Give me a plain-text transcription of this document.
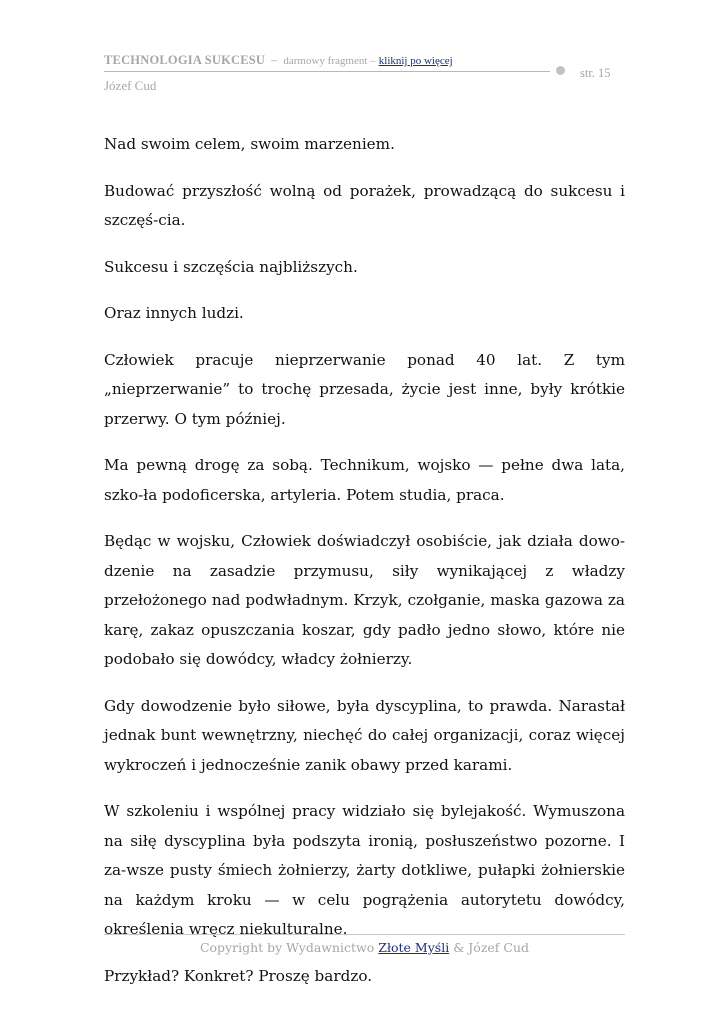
TECHNOLOGIA SUKCESU – darmowy fragment – kliknij po więcej
str. 15
Józef Cud

Nad swoim celem, swoim marzeniem.

Budować przyszłość wolną od porażek, prowadzącą do sukcesu i szczęś-cia.

Sukcesu i szczęścia najbliższych.

Oraz innych ludzi.

Człowiek pracuje nieprzerwanie ponad 40 lat. Z tym „nieprzerwanie” to trochę przesada, życie jest inne, były krótkie przerwy. O tym później.

Ma pewną drogę za sobą. Technikum, wojsko — pełne dwa lata, szko-ła podoficerska, artyleria. Potem studia, praca.

Będąc w wojsku, Człowiek doświadczył osobiście, jak działa dowo-dzenie na zasadzie przymusu, siły wynikającej z władzy przełożonego nad podwładnym. Krzyk, czołganie, maska gazowa za karę, zakaz opuszczania koszar, gdy padło jedno słowo, które nie podobało się dowódcy, władcy żołnierzy.

Gdy dowodzenie było siłowe, była dyscyplina, to prawda. Narastał jednak bunt wewnętrzny, niechęć do całej organizacji, coraz więcej wykroczeń i jednocześnie zanik obawy przed karami.

W szkoleniu i wspólnej pracy widziało się bylejakość. Wymuszona na siłę dyscyplina była podszyta ironią, posłuszeństwo pozorne. I za-wsze pusty śmiech żołnierzy, żarty dotkliwe, pułapki żołnierskie na każdym kroku — w celu pogrążenia autorytetu dowódcy, określenia wręcz niekulturalne.

Przykład? Konkret? Proszę bardzo.

Copyright by Wydawnictwo Złote Myśli & Józef Cud
